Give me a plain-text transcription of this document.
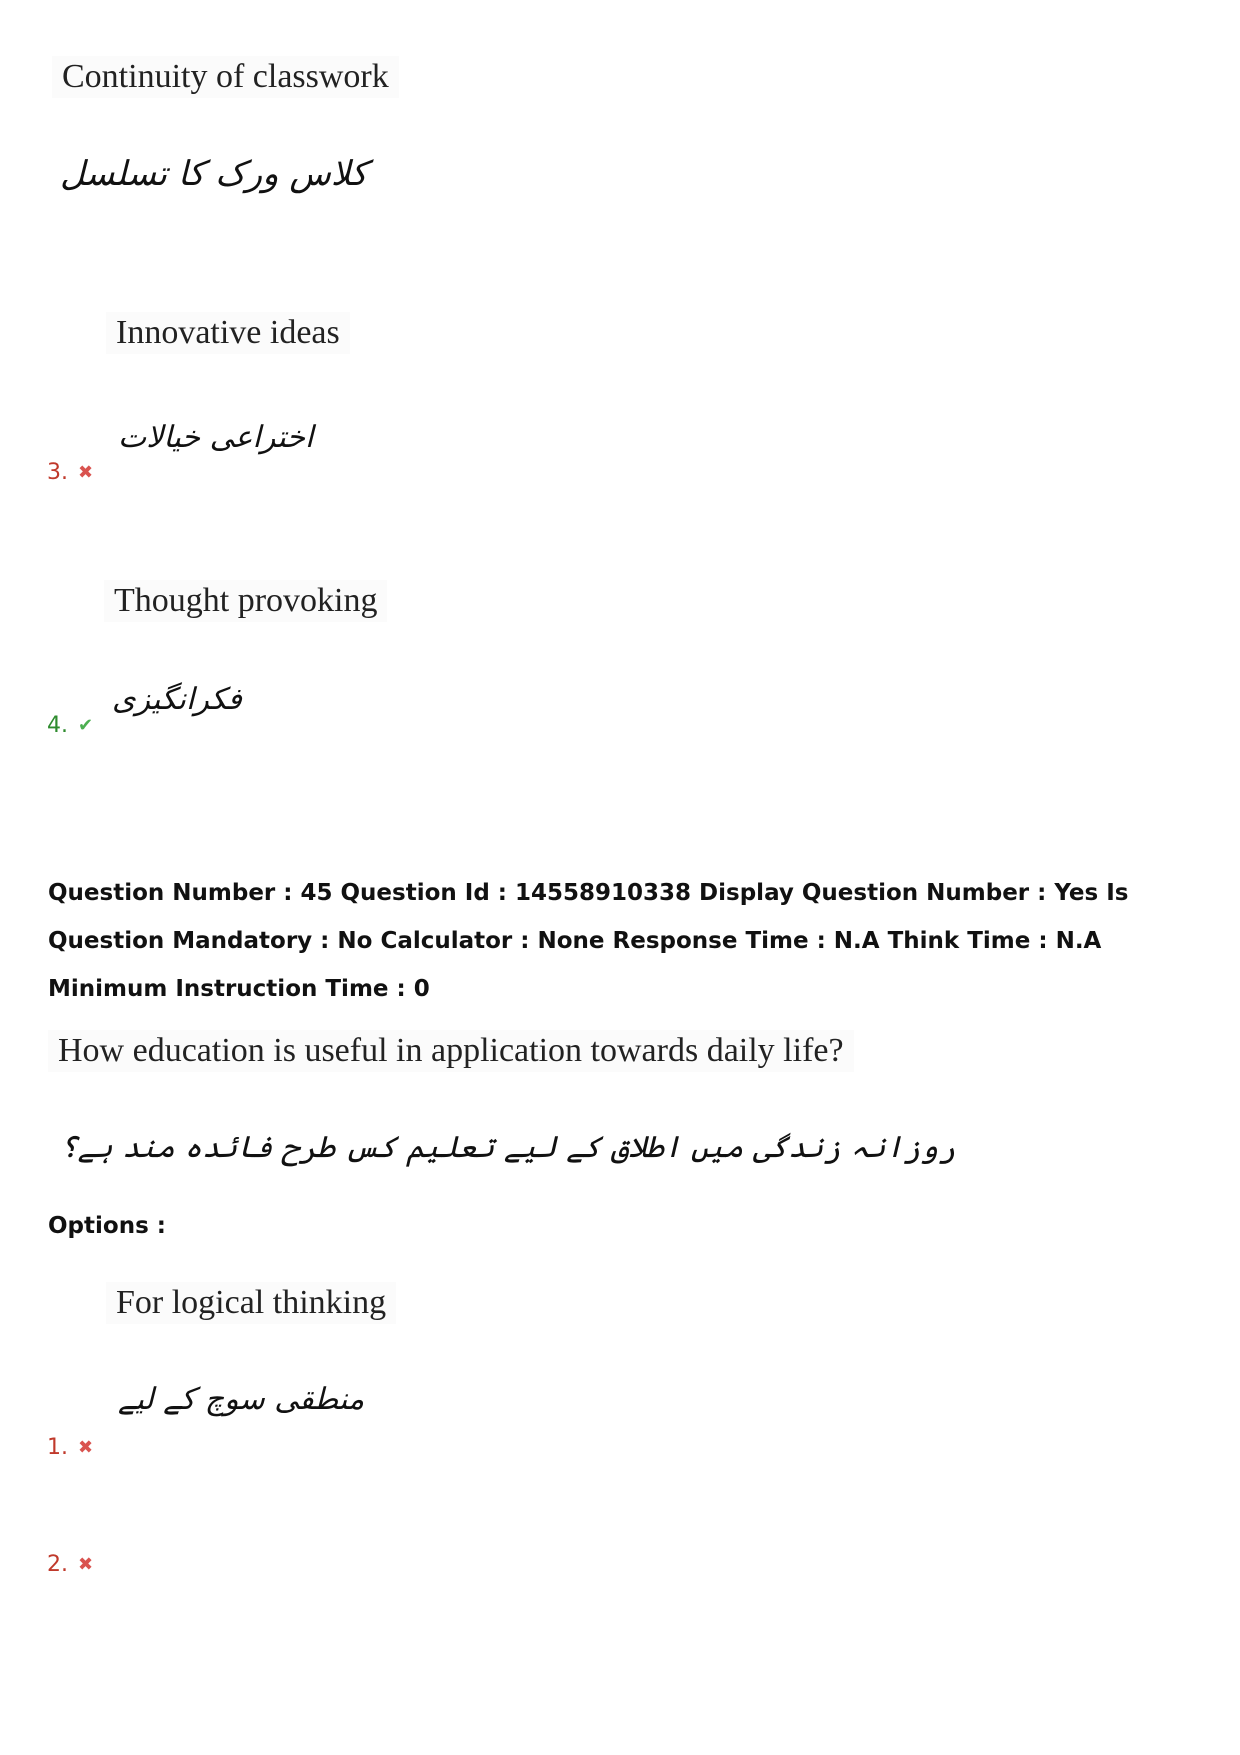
Continuity of classwork
کلاس ورک کا تسلسل
Innovative ideas
اختراعی خیالات
3. ✖
Thought provoking
فکرانگیزی
4. ✔
Question Number : 45 Question Id : 14558910338 Display Question Number : Yes Is Question Mandatory : No Calculator : None Response Time : N.A Think Time : N.A Minimum Instruction Time : 0
How education is useful in application towards daily life?
روزانہ زندگی میں اطلاق کے لیے تعلیم کس طرح فائدہ مند ہے؟
Options :
For logical thinking
منطقی سوچ کے لیے
1. ✖
2. ✖
